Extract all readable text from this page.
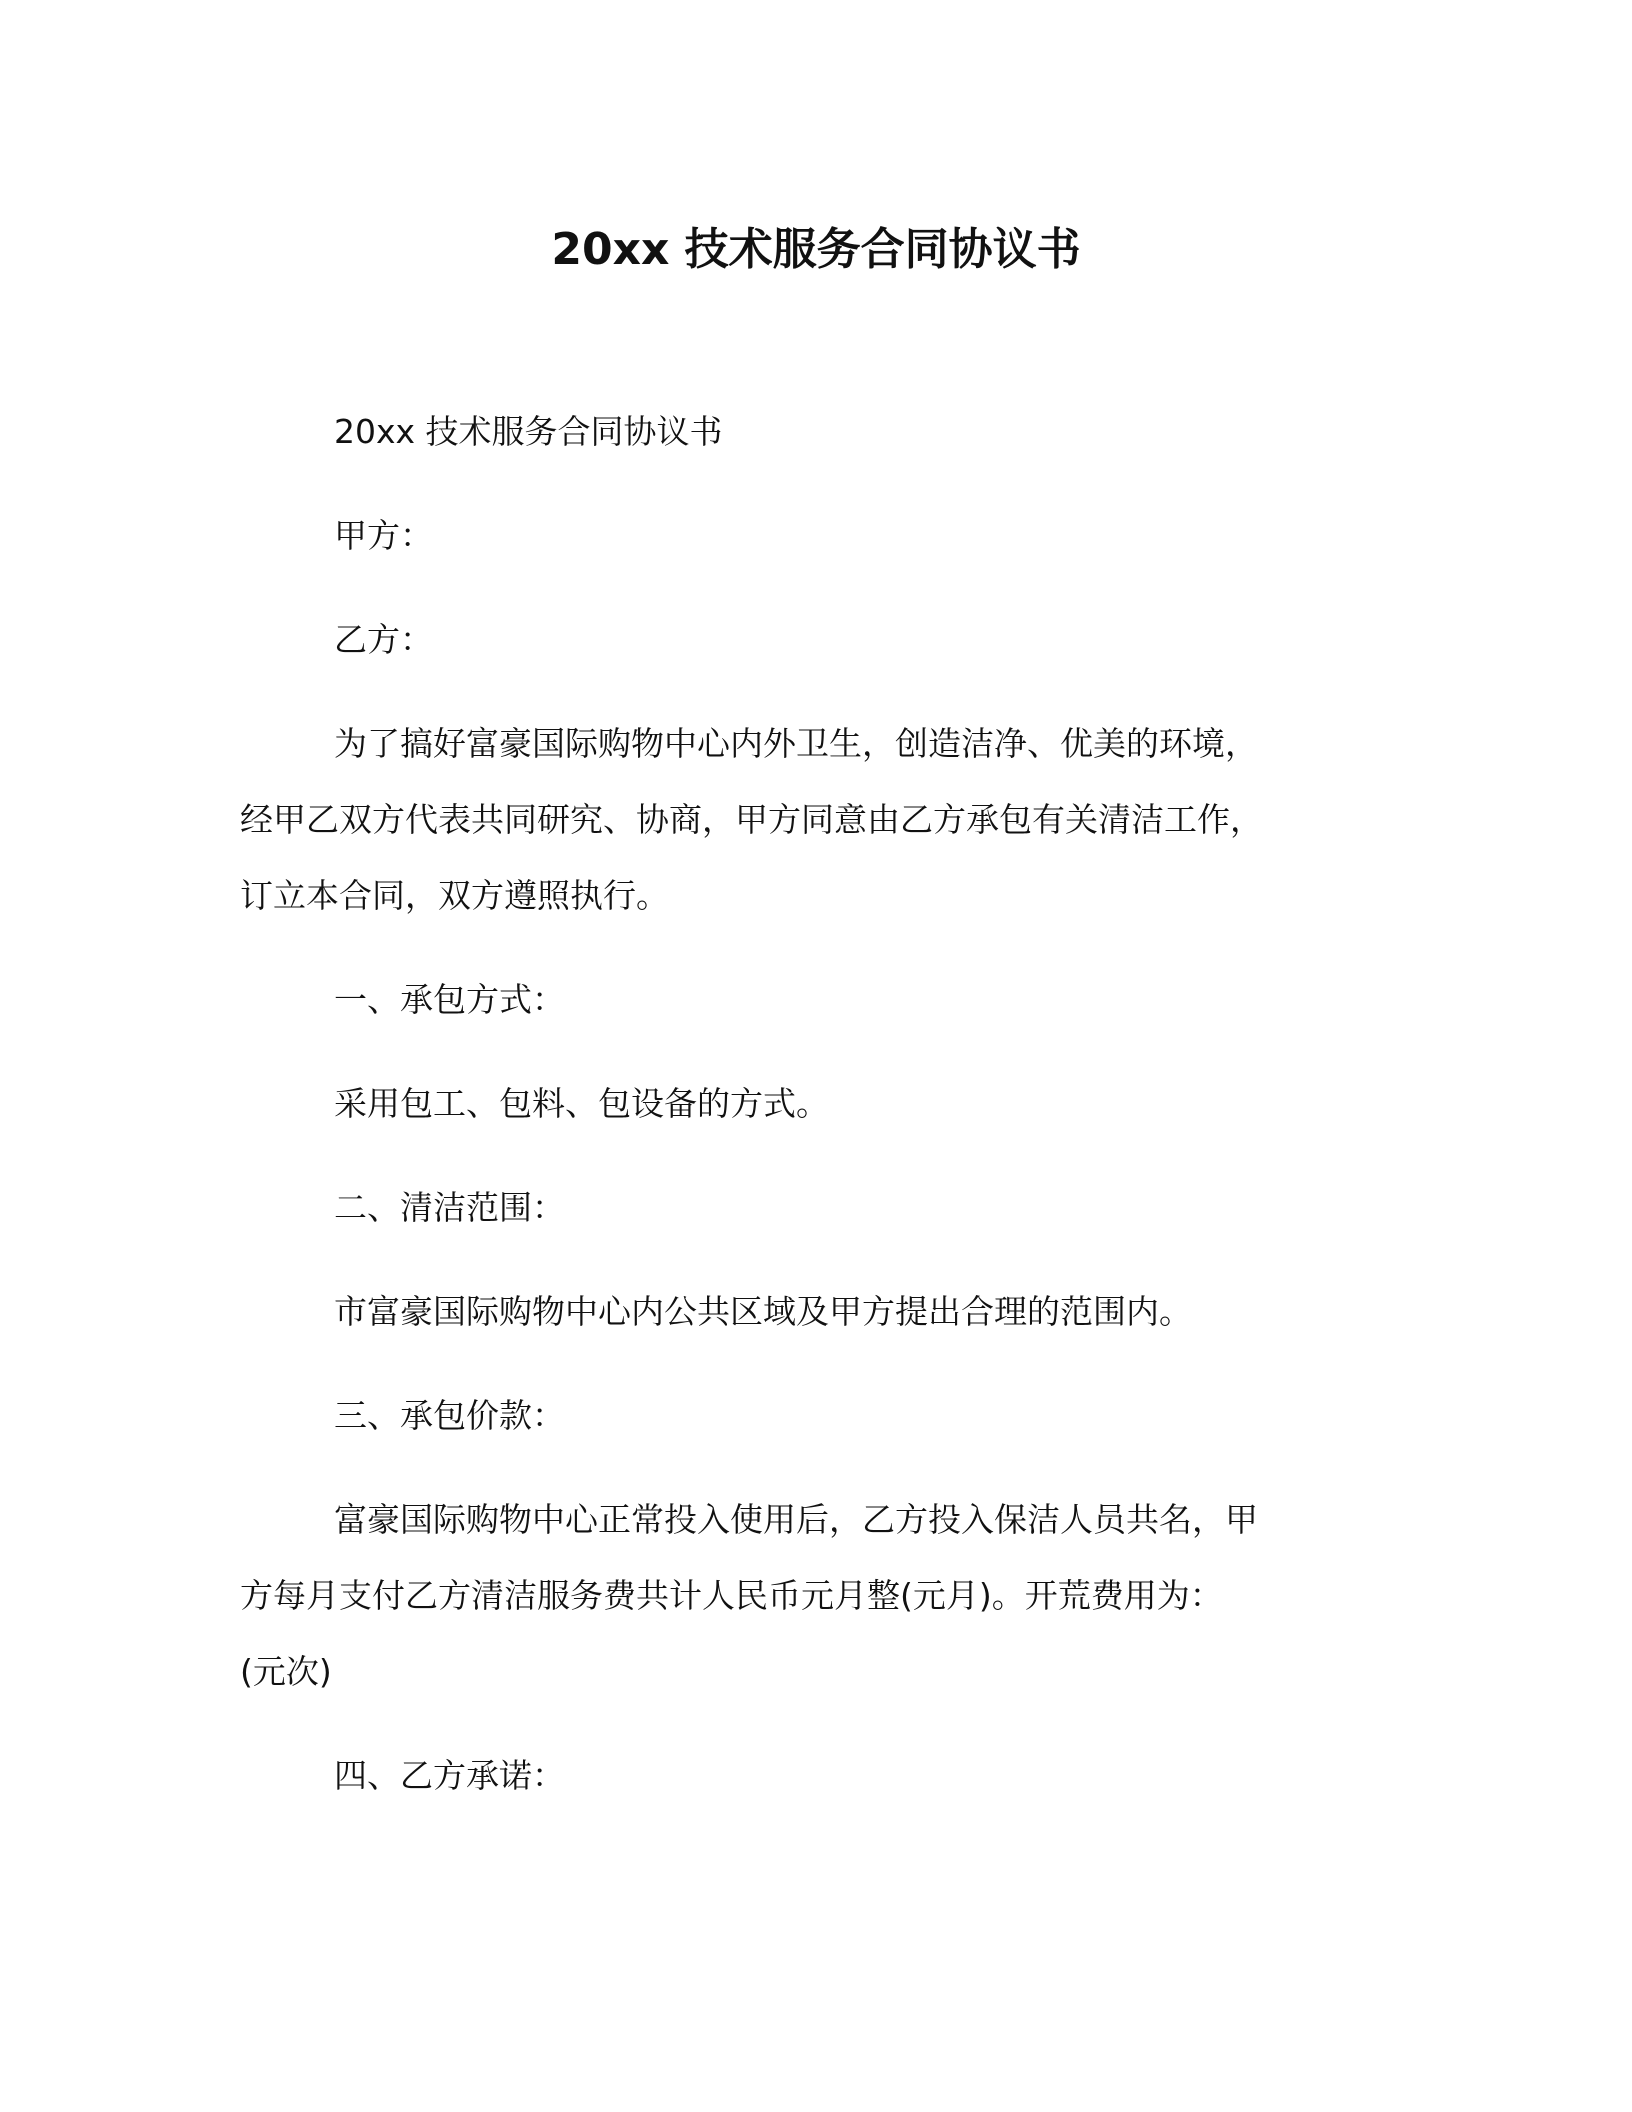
20xx 技术服务合同协议书

20xx 技术服务合同协议书

甲方：

乙方：

为了搞好富豪国际购物中心内外卫生，创造洁净、优美的环境，

经甲乙双方代表共同研究、协商，甲方同意由乙方承包有关清洁工作，

订立本合同，双方遵照执行。

一、承包方式：

采用包工、包料、包设备的方式。

二、清洁范围：

市富豪国际购物中心内公共区域及甲方提出合理的范围内。

三、承包价款：

富豪国际购物中心正常投入使用后，乙方投入保洁人员共名，甲

方每月支付乙方清洁服务费共计人民币元月整(元月)。开荒费用为：

(元次)

四、乙方承诺：
